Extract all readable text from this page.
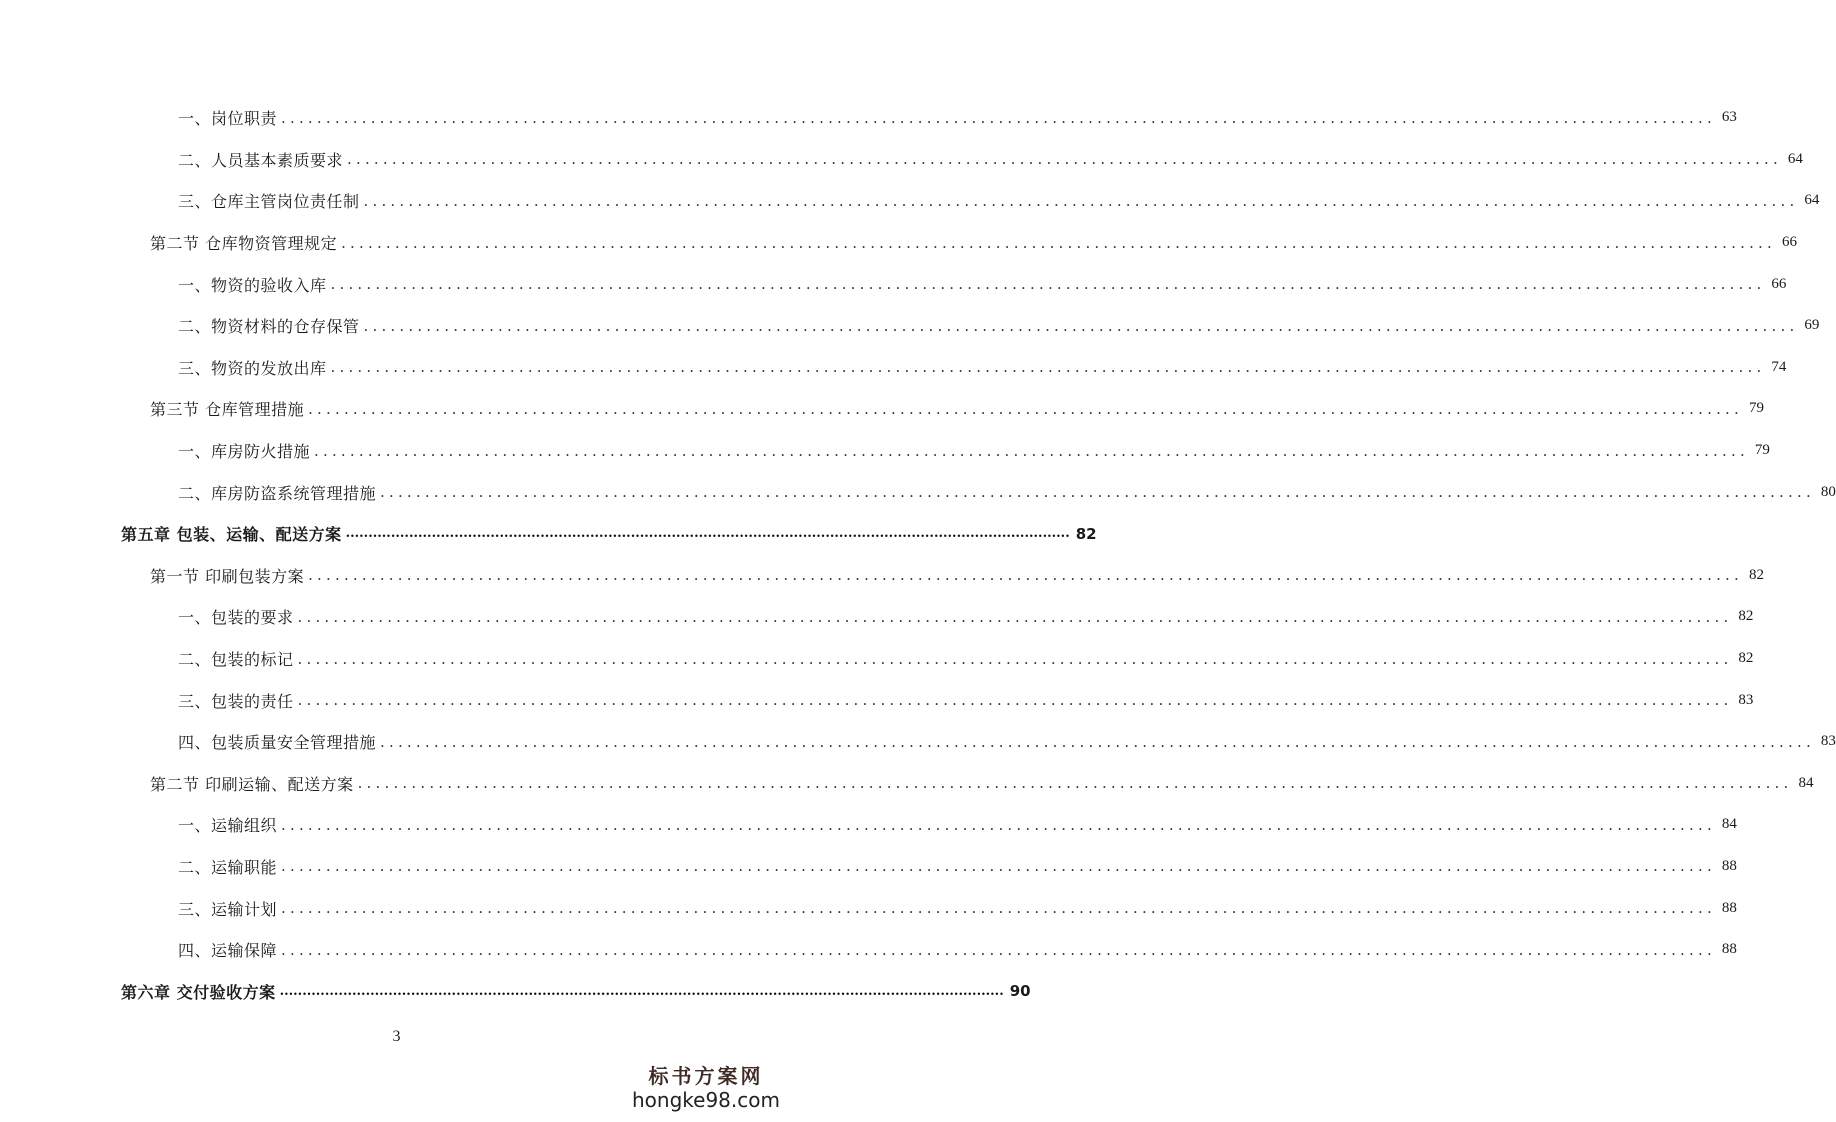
一、岗位职责 ................................................................................................................................................................ 63
二、人员基本素质要求 ................................................................................................................................................................ 64
三、仓库主管岗位责任制 ................................................................................................................................................................ 64
第二节 仓库物资管理规定 ................................................................................................................................................................ 66
一、物资的验收入库 ................................................................................................................................................................ 66
二、物资材料的仓存保管 ................................................................................................................................................................ 69
三、物资的发放出库 ................................................................................................................................................................ 74
第三节 仓库管理措施 ................................................................................................................................................................ 79
一、库房防火措施 ................................................................................................................................................................ 79
二、库房防盗系统管理措施 ................................................................................................................................................................ 80
第五章 包装、运输、配送方案 ................................................................................................................................................................ 82
第一节 印刷包装方案 ................................................................................................................................................................ 82
一、包装的要求 ................................................................................................................................................................ 82
二、包装的标记 ................................................................................................................................................................ 82
三、包装的责任 ................................................................................................................................................................ 83
四、包装质量安全管理措施 ................................................................................................................................................................ 83
第二节 印刷运输、配送方案 ................................................................................................................................................................ 84
一、运输组织 ................................................................................................................................................................ 84
二、运输职能 ................................................................................................................................................................ 88
三、运输计划 ................................................................................................................................................................ 88
四、运输保障 ................................................................................................................................................................ 88
第六章 交付验收方案 ................................................................................................................................................................ 90
3
标书方案网
hongke98.com
